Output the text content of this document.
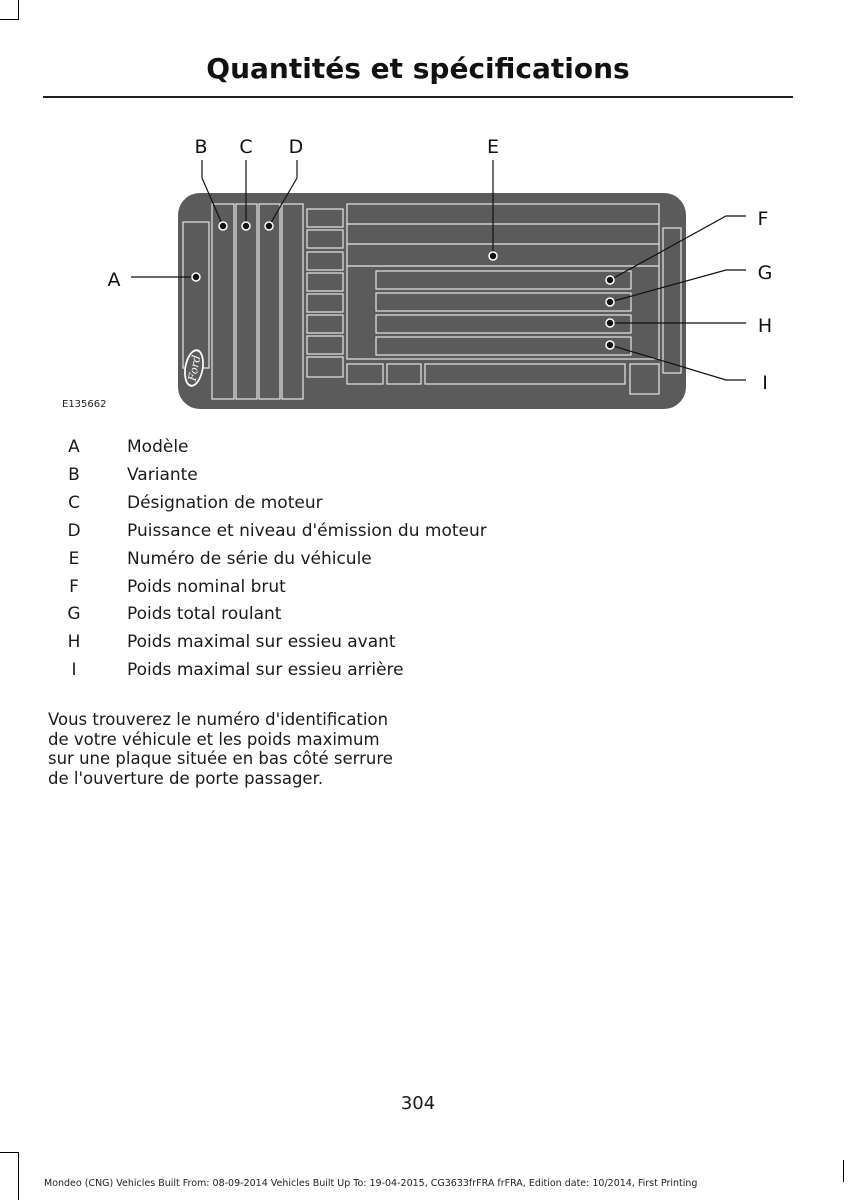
Quantités et spécifications
Ford
A
B C D	E
F
G
H
I
E135662
A	Modèle
B	Variante
C	Désignation de moteur
D	Puissance et niveau d'émission du moteur
E	Numéro de série du véhicule
F	Poids nominal brut
G	Poids total roulant
H	Poids maximal sur essieu avant
I	Poids maximal sur essieu arrière
Vous trouverez le numéro d'identification
de votre véhicule et les poids maximum
sur une plaque située en bas côté serrure
de l'ouverture de porte passager.
304
Mondeo (CNG) Vehicles Built From: 08-09-2014 Vehicles Built Up To: 19-04-2015, CG3633frFRA frFRA, Edition date: 10/2014, First Printing
